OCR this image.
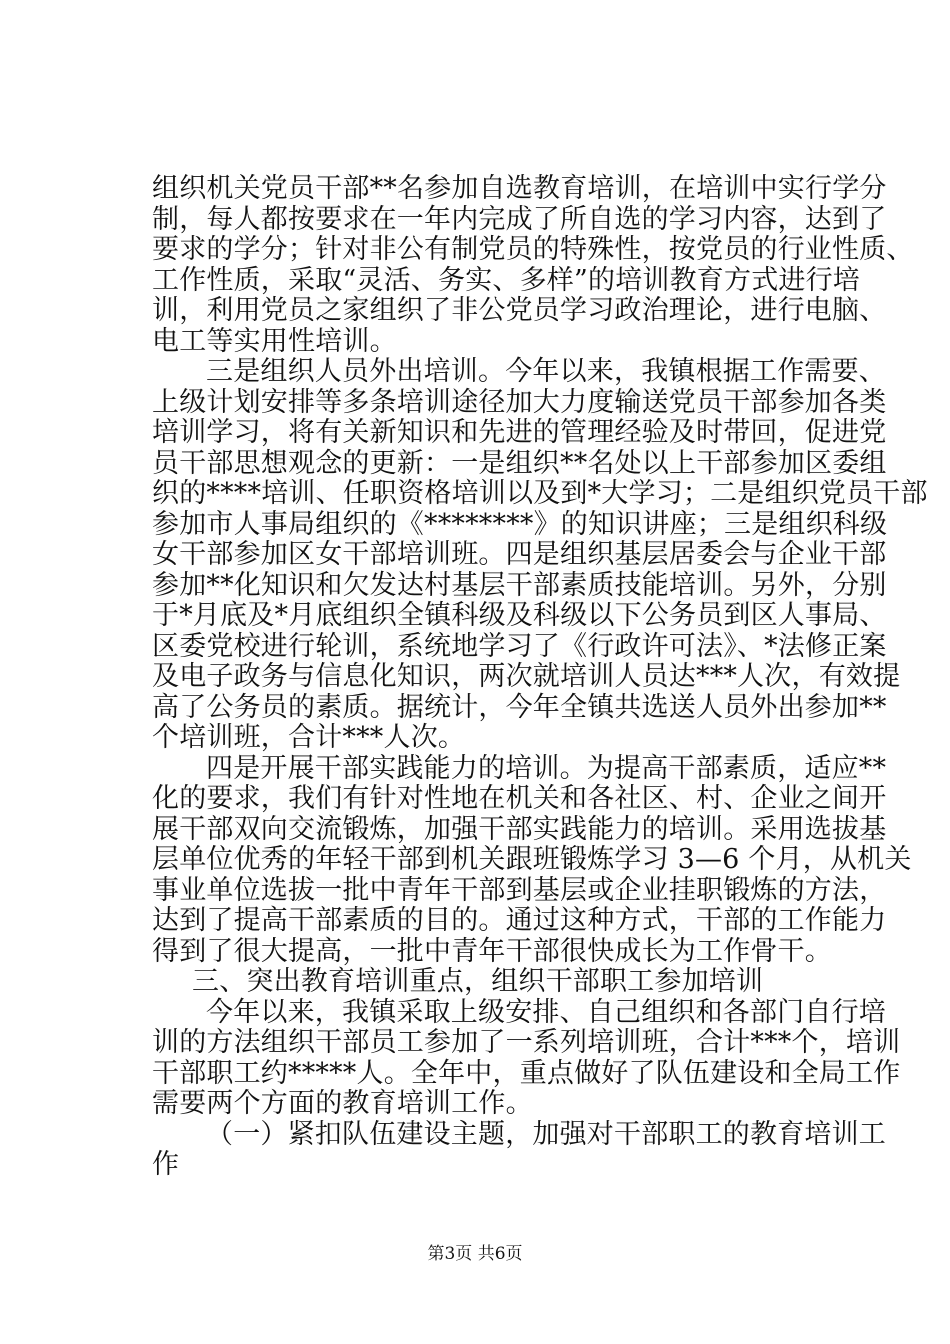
组织机关党员干部**名参加自选教育培训，在培训中实行学分
制，每人都按要求在一年内完成了所自选的学习内容，达到了
要求的学分；针对非公有制党员的特殊性，按党员的行业性质、
工作性质，采取“灵活、务实、多样”的培训教育方式进行培
训，利用党员之家组织了非公党员学习政治理论，进行电脑、
电工等实用性培训。
三是组织人员外出培训。今年以来，我镇根据工作需要、
上级计划安排等多条培训途径加大力度输送党员干部参加各类
培训学习，将有关新知识和先进的管理经验及时带回，促进党
员干部思想观念的更新：一是组织**名处以上干部参加区委组
织的****培训、任职资格培训以及到*大学习；二是组织党员干部
参加市人事局组织的《********》的知识讲座；三是组织科级
女干部参加区女干部培训班。四是组织基层居委会与企业干部
参加**化知识和欠发达村基层干部素质技能培训。另外，分别
于*月底及*月底组织全镇科级及科级以下公务员到区人事局、
区委党校进行轮训，系统地学习了《行政许可法》、*法修正案
及电子政务与信息化知识，两次就培训人员达***人次，有效提
高了公务员的素质。据统计，今年全镇共选送人员外出参加**
个培训班，合计***人次。
四是开展干部实践能力的培训。为提高干部素质，适应**
化的要求，我们有针对性地在机关和各社区、村、企业之间开
展干部双向交流锻炼，加强干部实践能力的培训。采用选拔基
层单位优秀的年轻干部到机关跟班锻炼学习 3—6 个月，从机关
事业单位选拔一批中青年干部到基层或企业挂职锻炼的方法，
达到了提高干部素质的目的。通过这种方式，干部的工作能力
得到了很大提高，一批中青年干部很快成长为工作骨干。
三、突出教育培训重点，组织干部职工参加培训
今年以来，我镇采取上级安排、自己组织和各部门自行培
训的方法组织干部员工参加了一系列培训班，合计***个，培训
干部职工约*****人。全年中，重点做好了队伍建设和全局工作
需要两个方面的教育培训工作。
（一）紧扣队伍建设主题，加强对干部职工的教育培训工
作
第3页 共6页
